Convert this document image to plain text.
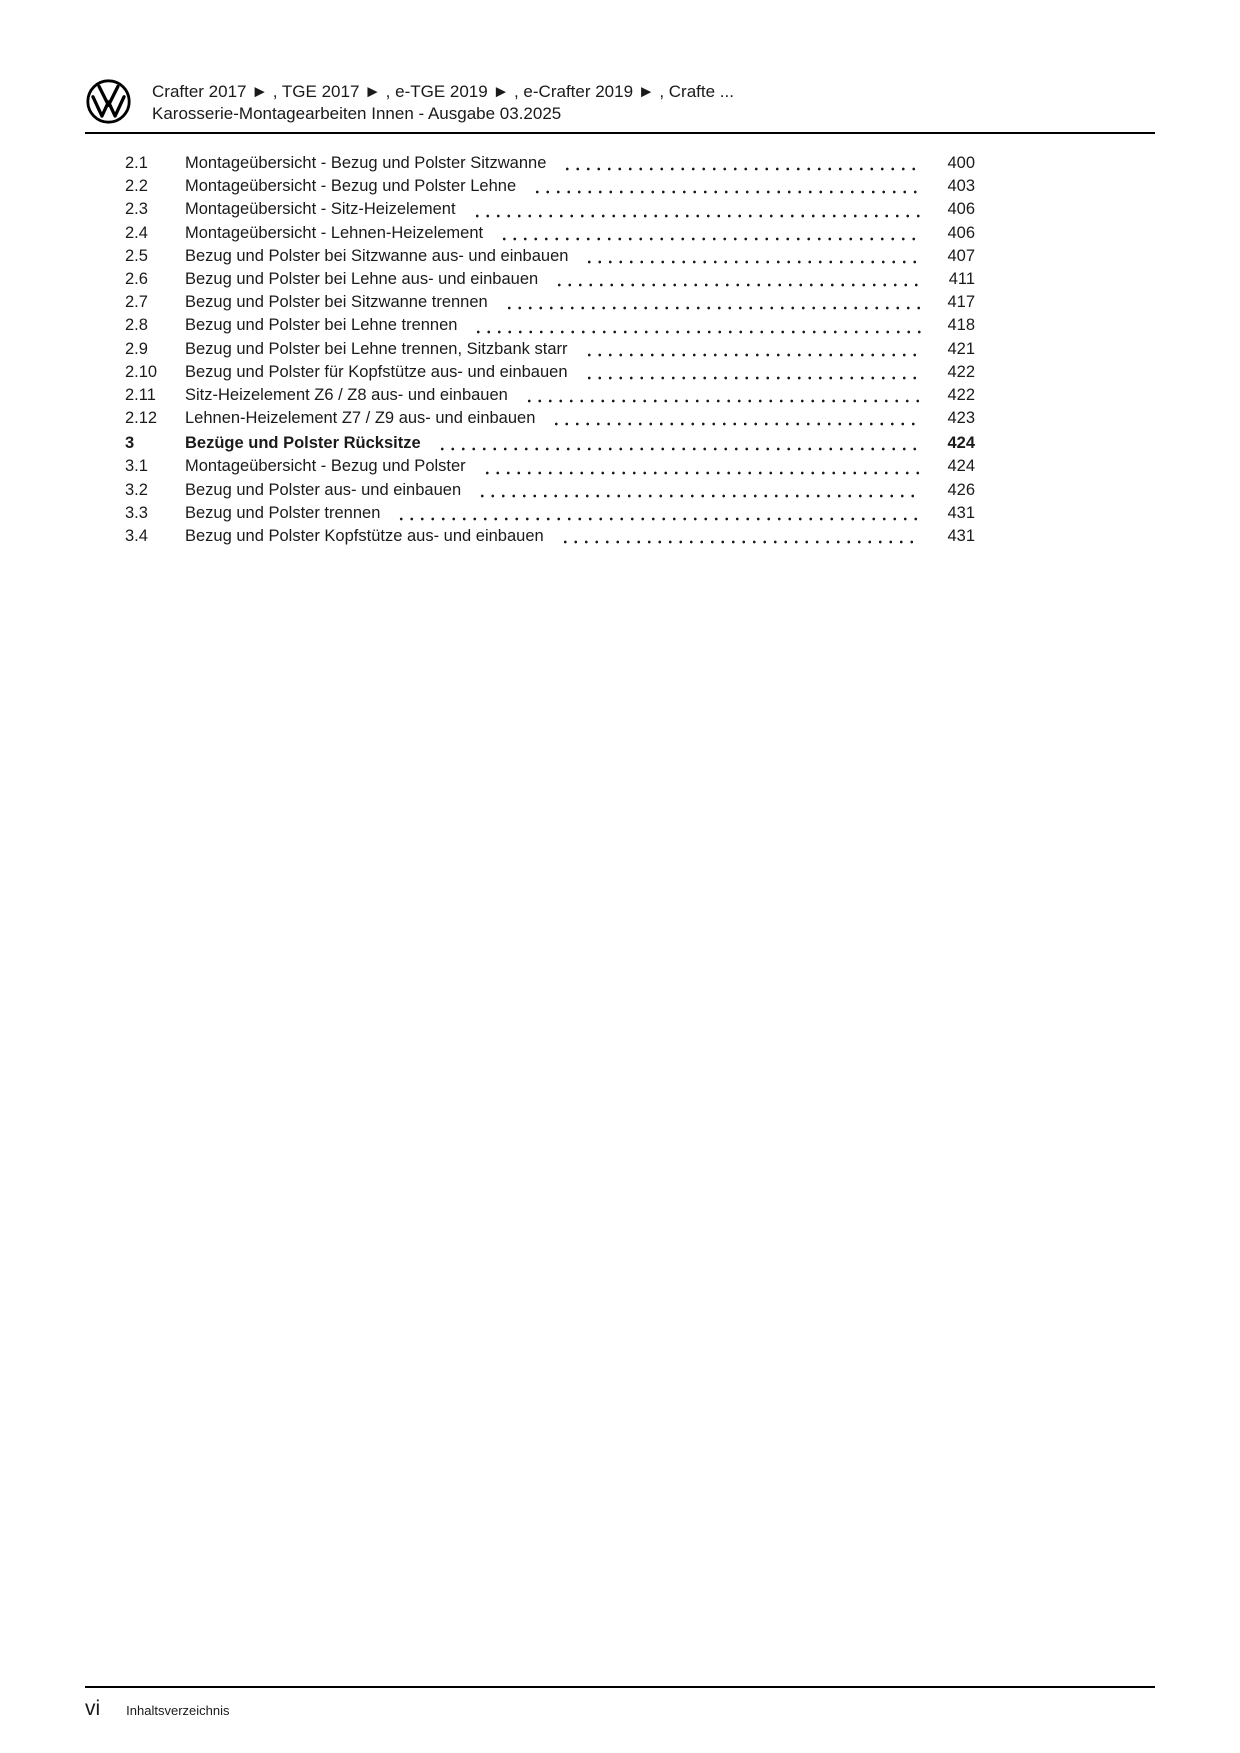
Crafter 2017 ► , TGE 2017 ► , e-TGE 2019 ► , e-Crafter 2019 ► , Crafte ...
Karosserie-Montagearbeiten Innen - Ausgabe 03.2025
2.1	Montageübersicht - Bezug und Polster Sitzwanne	400
2.2	Montageübersicht - Bezug und Polster Lehne	403
2.3	Montageübersicht - Sitz-Heizelement	406
2.4	Montageübersicht - Lehnen-Heizelement	406
2.5	Bezug und Polster bei Sitzwanne aus- und einbauen	407
2.6	Bezug und Polster bei Lehne aus- und einbauen	411
2.7	Bezug und Polster bei Sitzwanne trennen	417
2.8	Bezug und Polster bei Lehne trennen	418
2.9	Bezug und Polster bei Lehne trennen, Sitzbank starr	421
2.10	Bezug und Polster für Kopfstütze aus- und einbauen	422
2.11	Sitz-Heizelement Z6 / Z8 aus- und einbauen	422
2.12	Lehnen-Heizelement Z7 / Z9 aus- und einbauen	423
3	Bezüge und Polster Rücksitze	424
3.1	Montageübersicht - Bezug und Polster	424
3.2	Bezug und Polster aus- und einbauen	426
3.3	Bezug und Polster trennen	431
3.4	Bezug und Polster Kopfstütze aus- und einbauen	431
vi Inhaltsverzeichnis
